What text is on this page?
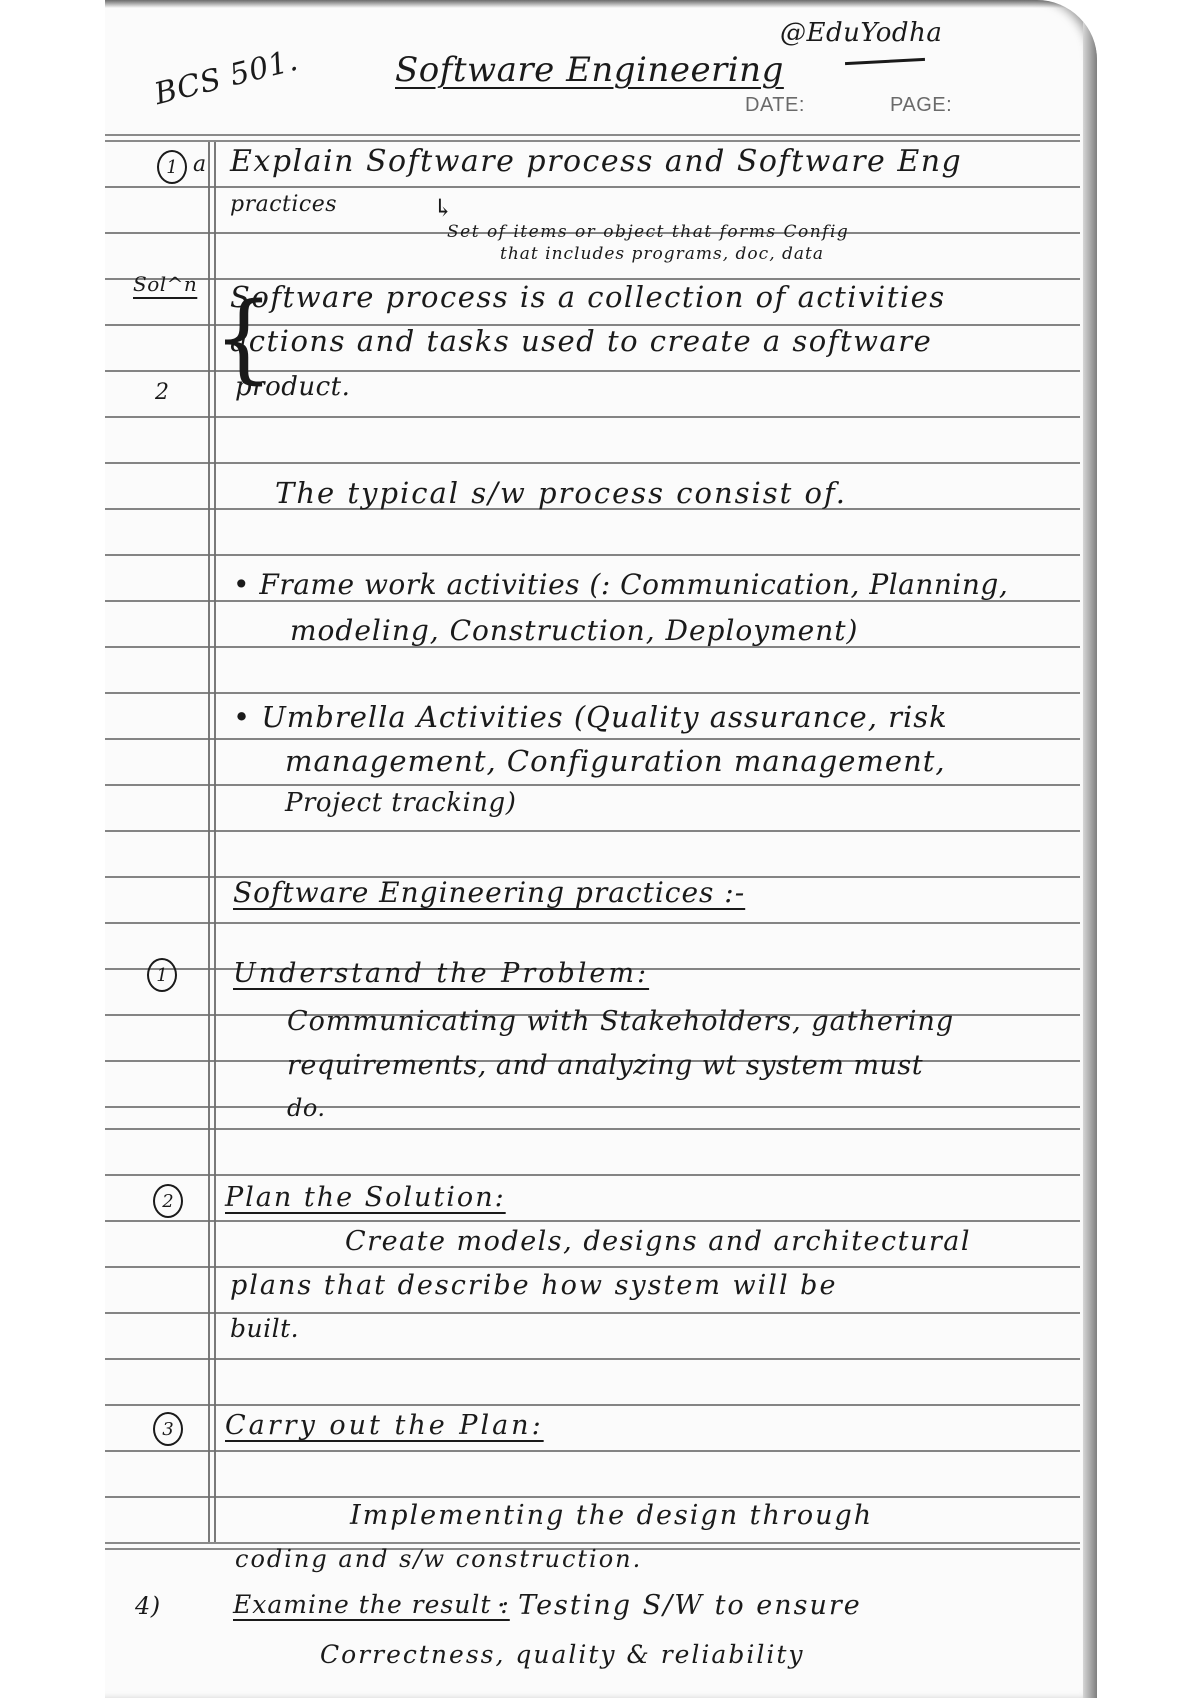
BCS 501.	Software Engineering
@EduYodha
DATE:	PAGE:
1 a Explain Software process and Software Eng
practices	↳
Set of items or object that forms Config
that includes programs, doc, data
Sol^n
2 {
Software process is a collection of activities
actions and tasks used to create a software
product.
The typical s/w process consist of.
• Frame work activities (: Communication, Planning,
modeling, Construction, Deployment)
• Umbrella Activities (Quality assurance, risk
management, Configuration management,
Project tracking)
Software Engineering practices :-
1 Understand the Problem:
Communicating with Stakeholders, gathering
requirements, and analyzing wt system must
do.
2 Plan the Solution:
Create models, designs and architectural
plans that describe how system will be
built.
3 Carry out the Plan:
Implementing the design through
coding and s/w construction.
4)	Examine the result :
· Testing S/W to ensure
Correctness, quality & reliability
